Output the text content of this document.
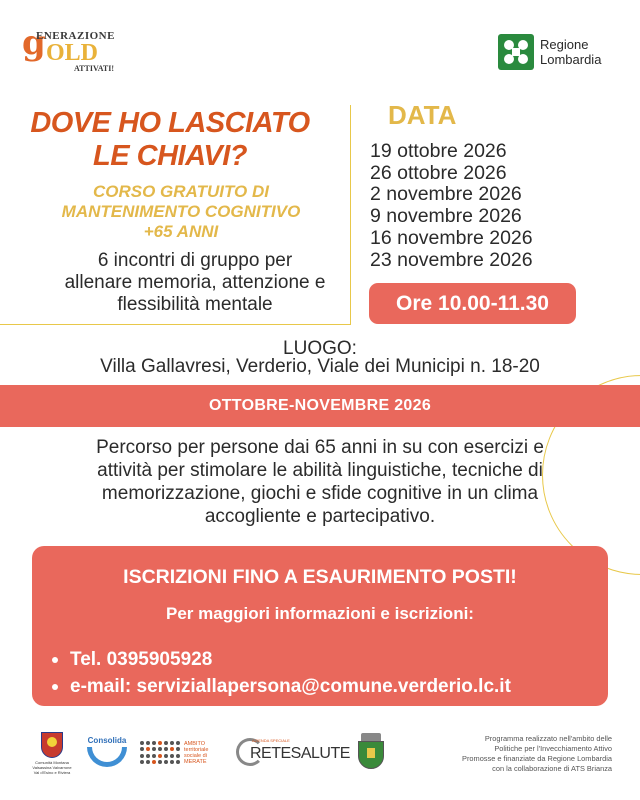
g
ENERAZIONE
OLD
ATTIVATI!
Regione
Lombardia
DOVE HO LASCIATO
LE CHIAVI?
CORSO GRATUITO DI
MANTENIMENTO COGNITIVO
+65 ANNI
6 incontri di gruppo per
allenare memoria, attenzione e
flessibilità mentale
DATA
19 ottobre 2026
26 ottobre 2026
2 novembre 2026
9 novembre 2026
16 novembre 2026
23 novembre 2026
Ore 10.00-11.30
LUOGO:
Villa Gallavresi, Verderio, Viale dei Municipi n. 18-20
OTTOBRE-NOVEMBRE 2026
Percorso per persone dai 65 anni in su con esercizi e
attività per stimolare le abilità linguistiche, tecniche di
memorizzazione, giochi e sfide cognitive in un clima
accogliente e partecipativo.
ISCRIZIONI FINO A ESAURIMENTO POSTI!
Per maggiori informazioni e iscrizioni:
Tel. 0395905928
e-mail: serviziallapersona@comune.verderio.lc.it
Comunità Montana Valsassina Valvarrone Val d'Esino e Riviera
Consolida	AMBITO
territoriale
sociale di
MERATE
AZIENDA SPECIALE
RETESALUTE
Programma realizzato nell'ambito delle
Politiche per l'Invecchiamento Attivo
Promosse e finanziate da Regione Lombardia
con la collaborazione di ATS Brianza
